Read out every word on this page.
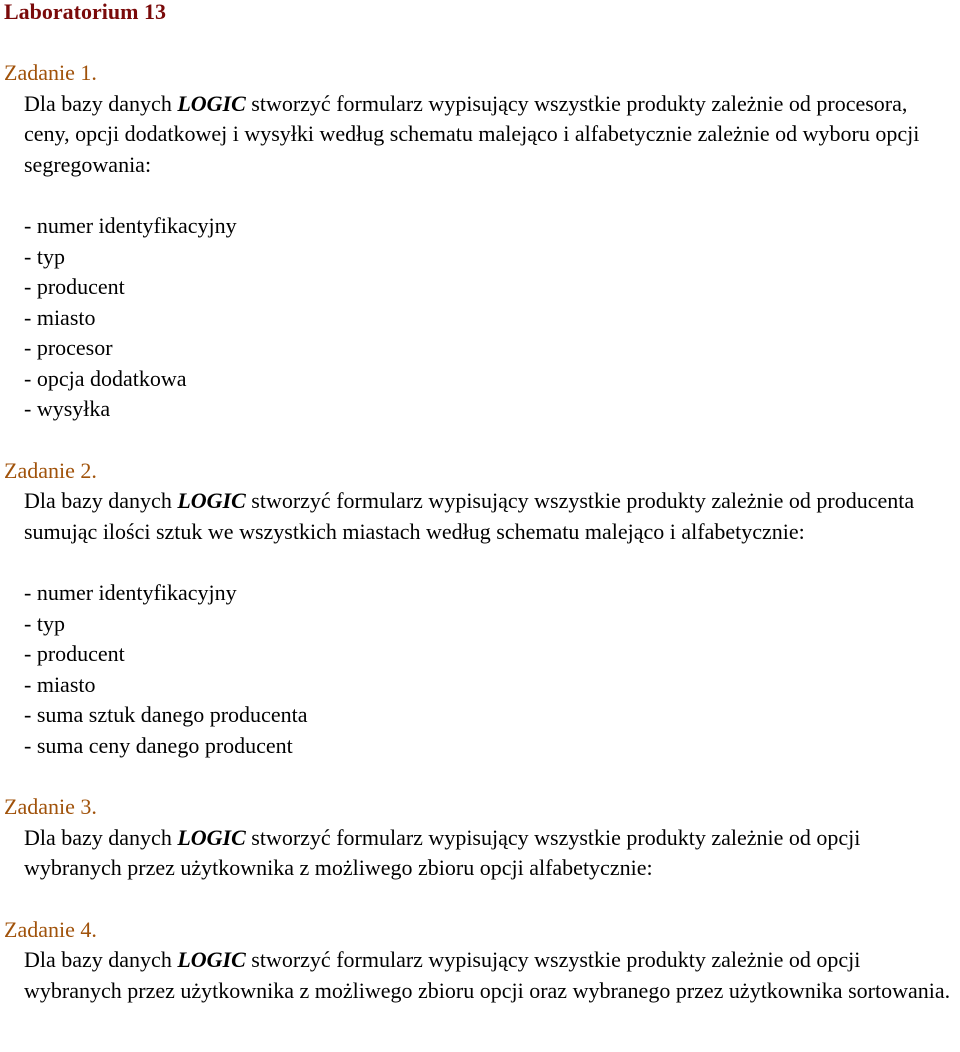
Laboratorium 13

Zadanie 1.

Dla bazy danych LOGIC stworzyć formularz wypisujący wszystkie produkty zależnie od procesora, ceny, opcji dodatkowej i wysyłki według schematu malejąco i alfabetycznie zależnie od wyboru opcji segregowania:

- numer identyfikacyjny
- typ
- producent
- miasto
- procesor
- opcja dodatkowa
- wysyłka

Zadanie 2.

Dla bazy danych LOGIC stworzyć formularz wypisujący wszystkie produkty zależnie od producenta sumując ilości sztuk we wszystkich miastach według schematu malejąco i alfabetycznie:

- numer identyfikacyjny
- typ
- producent
- miasto
- suma sztuk danego producenta
- suma ceny danego producent

Zadanie 3.

Dla bazy danych LOGIC stworzyć formularz wypisujący wszystkie produkty zależnie od opcji wybranych przez użytkownika z możliwego zbioru opcji alfabetycznie:

Zadanie 4.

Dla bazy danych LOGIC stworzyć formularz wypisujący wszystkie produkty zależnie od opcji wybranych przez użytkownika z możliwego zbioru opcji oraz wybranego przez użytkownika sortowania.
